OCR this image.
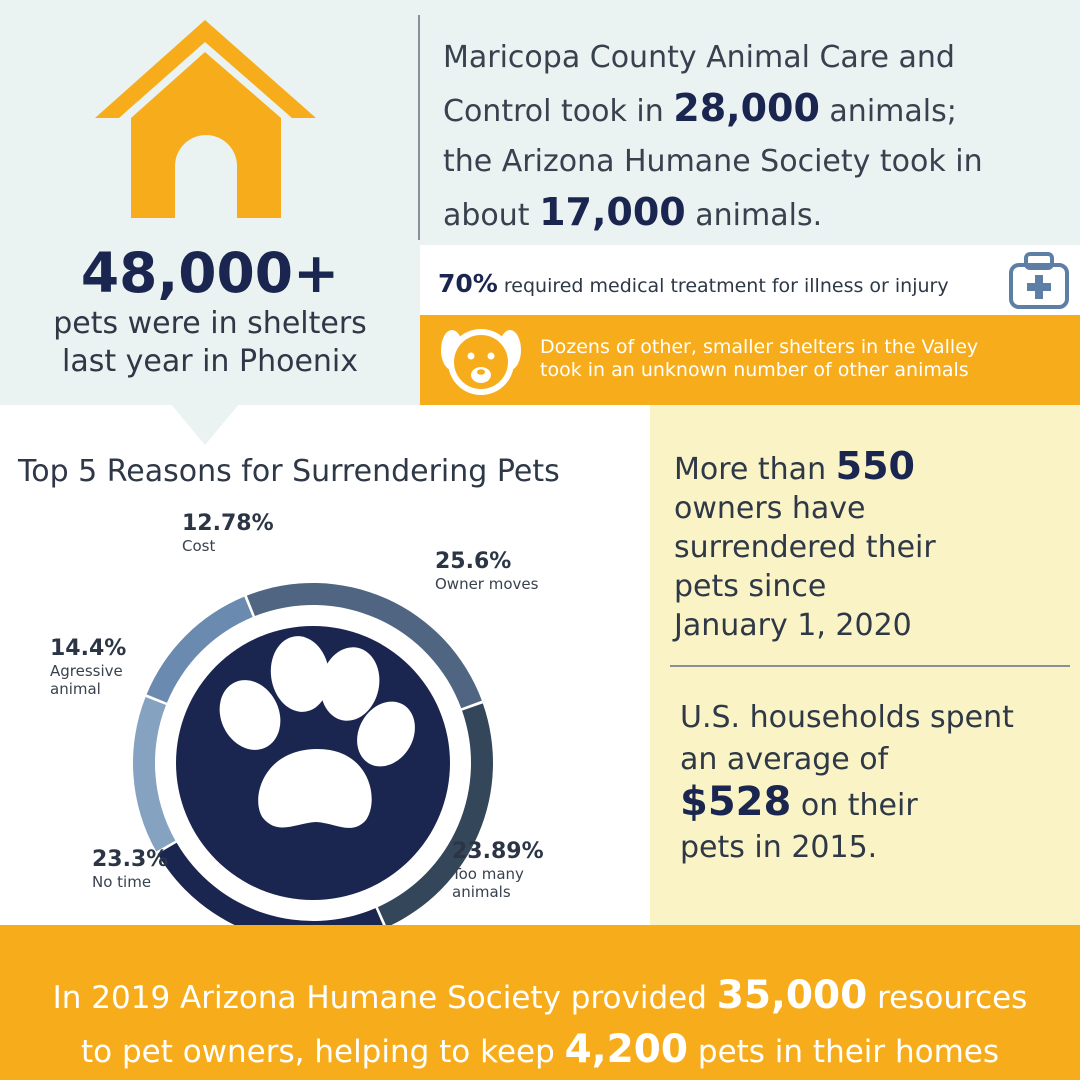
48,000+
pets were in shelters
last year in Phoenix
Maricopa County Animal Care and
Control took in 28,000 animals;
the Arizona Humane Society took in
about 17,000 animals.
70% required medical treatment for illness or injury
Dozens of other, smaller shelters in the Valley
took in an unknown number of other animals
More than 550
owners have
surrendered their
pets since
January 1, 2020
U.S. households spent
an average of
$528 on their
pets in 2015.
Top 5 Reasons for Surrendering Pets
25.6%
Owner moves
23.89%
Too many
animals
23.3%
No time
14.4%
Agressive
animal
12.78%
Cost
In 2019 Arizona Humane Society provided 35,000 resources
to pet owners, helping to keep 4,200 pets in their homes
